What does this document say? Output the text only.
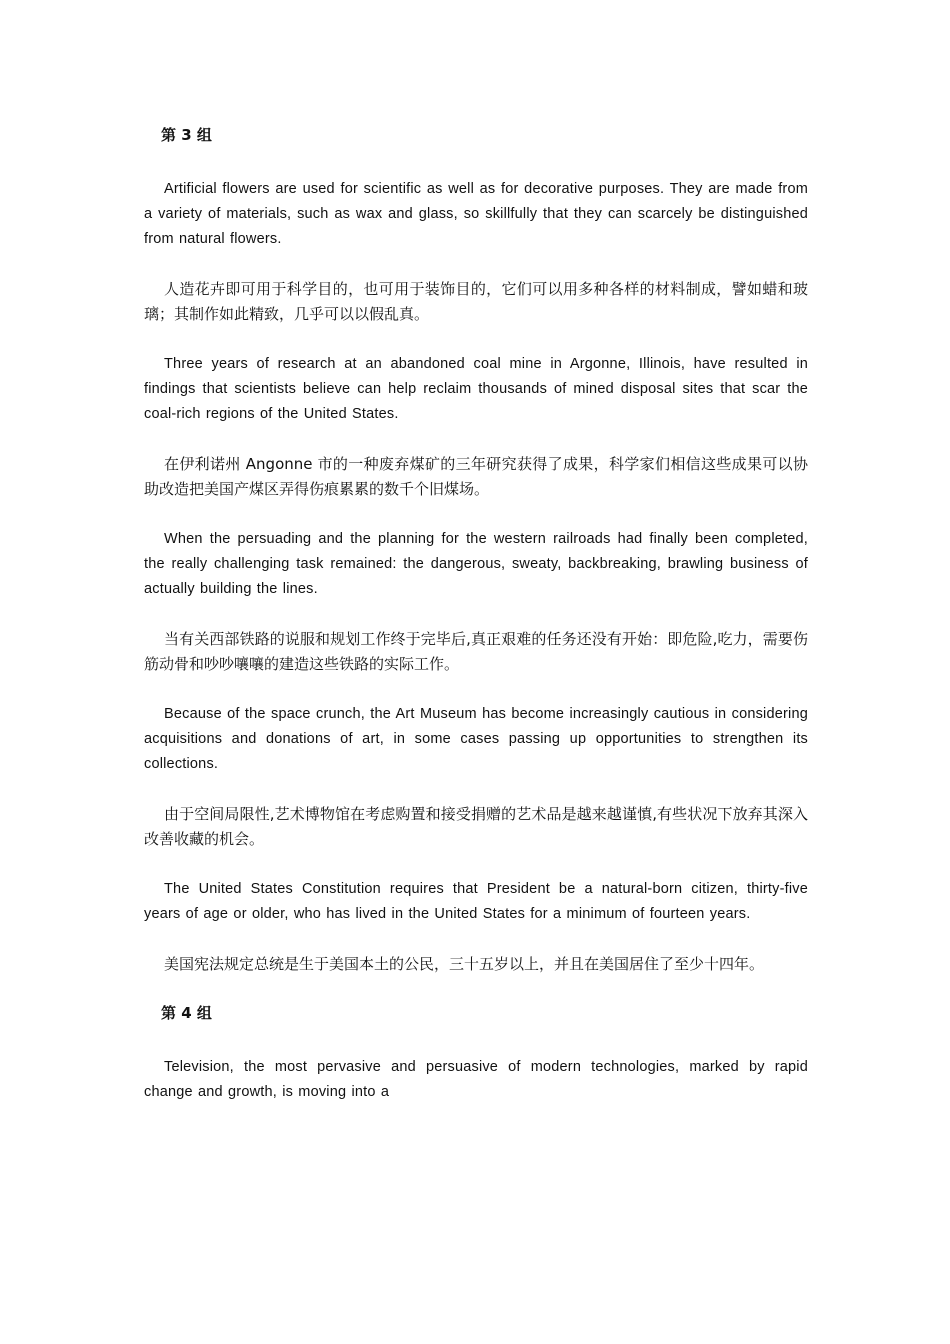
第 3 组

Artificial flowers are used for scientific as well as for decorative purposes. They are made from a variety of materials, such as wax and glass, so skillfully that they can scarcely be distinguished from natural flowers.

人造花卉即可用于科学目的，也可用于装饰目的，它们可以用多种各样的材料制成，譬如蜡和玻璃；其制作如此精致，几乎可以以假乱真。

Three years of research at an abandoned coal mine in Argonne, Illinois, have resulted in findings that scientists believe can help reclaim thousands of mined disposal sites that scar the coal-rich regions of the United States.

在伊利诺州 Angonne 市的一种废弃煤矿的三年研究获得了成果，科学家们相信这些成果可以协助改造把美国产煤区弄得伤痕累累的数千个旧煤场。

When the persuading and the planning for the western railroads had finally been completed, the really challenging task remained: the dangerous, sweaty, backbreaking, brawling business of actually building the lines.

当有关西部铁路的说服和规划工作终于完毕后,真正艰难的任务还没有开始：即危险,吃力，需要伤筋动骨和吵吵嚷嚷的建造这些铁路的实际工作。

Because of the space crunch, the Art Museum has become increasingly cautious in considering acquisitions and donations of art, in some cases passing up opportunities to strengthen its collections.

由于空间局限性,艺术博物馆在考虑购置和接受捐赠的艺术品是越来越谨慎,有些状况下放弃其深入改善收藏的机会。

The United States Constitution requires that President be a natural-born citizen, thirty-five years of age or older, who has lived in the United States for a minimum of fourteen years.

美国宪法规定总统是生于美国本土的公民，三十五岁以上，并且在美国居住了至少十四年。

第 4 组

Television, the most pervasive and persuasive of modern technologies, marked by rapid change and growth, is moving into a
